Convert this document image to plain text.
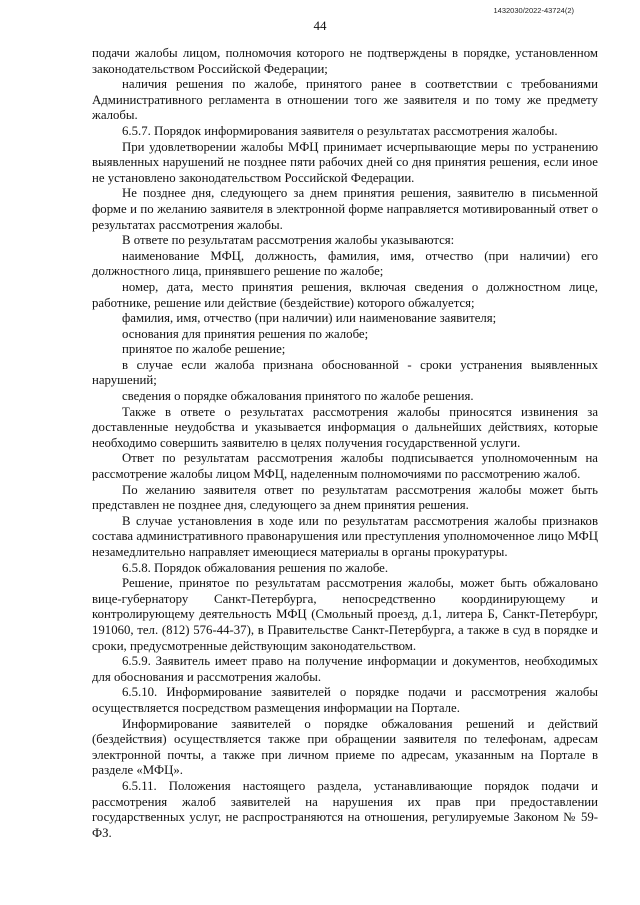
1432030/2022-43724(2)
44

подачи жалобы лицом, полномочия которого не подтверждены в порядке, установленном законодательством Российской Федерации;

наличия решения по жалобе, принятого ранее в соответствии с требованиями Административного регламента в отношении того же заявителя и по тому же предмету жалобы.

6.5.7. Порядок информирования заявителя о результатах рассмотрения жалобы.

При удовлетворении жалобы МФЦ принимает исчерпывающие меры по устранению выявленных нарушений не позднее пяти рабочих дней со дня принятия решения, если иное не установлено законодательством Российской Федерации.

Не позднее дня, следующего за днем принятия решения, заявителю в письменной форме и по желанию заявителя в электронной форме направляется мотивированный ответ о результатах рассмотрения жалобы.

В ответе по результатам рассмотрения жалобы указываются:

наименование МФЦ, должность, фамилия, имя, отчество (при наличии) его должностного лица, принявшего решение по жалобе;

номер, дата, место принятия решения, включая сведения о должностном лице, работнике, решение или действие (бездействие) которого обжалуется;

фамилия, имя, отчество (при наличии) или наименование заявителя;

основания для принятия решения по жалобе;

принятое по жалобе решение;

в случае если жалоба признана обоснованной - сроки устранения выявленных нарушений;

сведения о порядке обжалования принятого по жалобе решения.

Также в ответе о результатах рассмотрения жалобы приносятся извинения за доставленные неудобства и указывается информация о дальнейших действиях, которые необходимо совершить заявителю в целях получения государственной услуги.

Ответ по результатам рассмотрения жалобы подписывается уполномоченным на рассмотрение жалобы лицом МФЦ, наделенным полномочиями по рассмотрению жалоб.

По желанию заявителя ответ по результатам рассмотрения жалобы может быть представлен не позднее дня, следующего за днем принятия решения.

В случае установления в ходе или по результатам рассмотрения жалобы признаков состава административного правонарушения или преступления уполномоченное лицо МФЦ незамедлительно направляет имеющиеся материалы в органы прокуратуры.

6.5.8. Порядок обжалования решения по жалобе.

Решение, принятое по результатам рассмотрения жалобы, может быть обжаловано вице-губернатору Санкт-Петербурга, непосредственно координирующему и контролирующему деятельность МФЦ (Смольный проезд, д.1, литера Б, Санкт-Петербург, 191060, тел. (812) 576-44-37), в Правительстве Санкт-Петербурга, а также в суд в порядке и сроки, предусмотренные действующим законодательством.

6.5.9. Заявитель имеет право на получение информации и документов, необходимых для обоснования и рассмотрения жалобы.

6.5.10. Информирование заявителей о порядке подачи и рассмотрения жалобы осуществляется посредством размещения информации на Портале.

Информирование заявителей о порядке обжалования решений и действий (бездействия) осуществляется также при обращении заявителя по телефонам, адресам электронной почты, а также при личном приеме по адресам, указанным на Портале в разделе «МФЦ».

6.5.11. Положения настоящего раздела, устанавливающие порядок подачи и рассмотрения жалоб заявителей на нарушения их прав при предоставлении государственных услуг, не распространяются на отношения, регулируемые Законом № 59-ФЗ.
